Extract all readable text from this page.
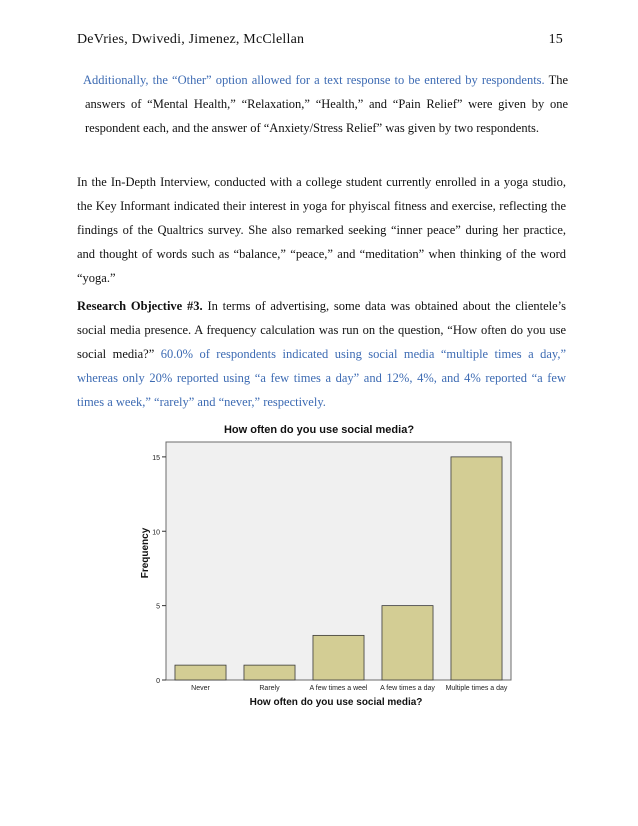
DeVries, Dwivedi, Jimenez, McClellan	15

Additionally, the “Other” option allowed for a text response to be entered by respondents. The answers of “Mental Health,” “Relaxation,” “Health,” and “Pain Relief” were given by one respondent each, and the answer of “Anxiety/Stress Relief” was given by two respondents.

In the In-Depth Interview, conducted with a college student currently enrolled in a yoga studio, the Key Informant indicated their interest in yoga for phyiscal fitness and exercise, reflecting the findings of the Qualtrics survey. She also remarked seeking “inner peace” during her practice, and thought of words such as “balance,” “peace,” and “meditation” when thinking of the word “yoga.”

Research Objective #3. In terms of advertising, some data was obtained about the clientele’s social media presence. A frequency calculation was run on the question, “How often do you use social media?” 60.0% of respondents indicated using social media “multiple times a day,” whereas only 20% reported using “a few times a day” and 12%, 4%, and 4% reported “a few times a week,” “rarely” and “never,” respectively.

How often do you use social media?
Frequency
How often do you use social media?
0
5
10
15
Never	Rarely	A few times a weel A few times a day Multiple times a day
